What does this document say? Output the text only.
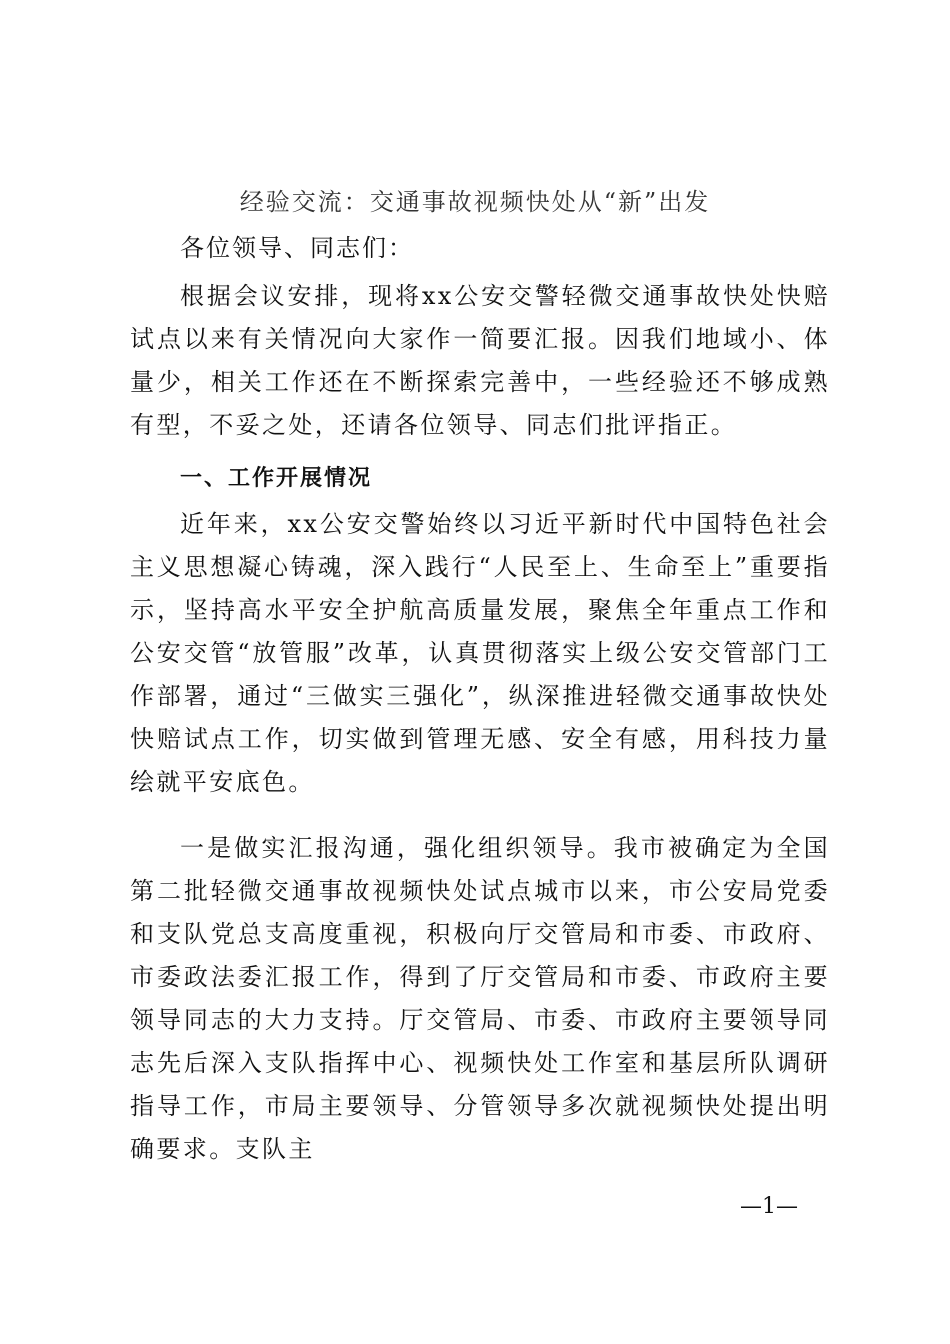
经验交流：交通事故视频快处从“新”出发
各位领导、同志们：

根据会议安排，现将xx公安交警轻微交通事故快处快赔试点以来有关情况向大家作一简要汇报。因我们地域小、体量少，相关工作还在不断探索完善中，一些经验还不够成熟有型，不妥之处，还请各位领导、同志们批评指正。

一、工作开展情况

近年来，xx公安交警始终以习近平新时代中国特色社会主义思想凝心铸魂，深入践行“人民至上、生命至上”重要指示，坚持高水平安全护航高质量发展，聚焦全年重点工作和公安交管“放管服”改革，认真贯彻落实上级公安交管部门工作部署，通过“三做实三强化”，纵深推进轻微交通事故快处快赔试点工作，切实做到管理无感、安全有感，用科技力量绘就平安底色。

一是做实汇报沟通，强化组织领导。我市被确定为全国第二批轻微交通事故视频快处试点城市以来，市公安局党委和支队党总支高度重视，积极向厅交管局和市委、市政府、市委政法委汇报工作，得到了厅交管局和市委、市政府主要领导同志的大力支持。厅交管局、市委、市政府主要领导同志先后深入支队指挥中心、视频快处工作室和基层所队调研指导工作，市局主要领导、分管领导多次就视频快处提出明确要求。支队主

—1—
